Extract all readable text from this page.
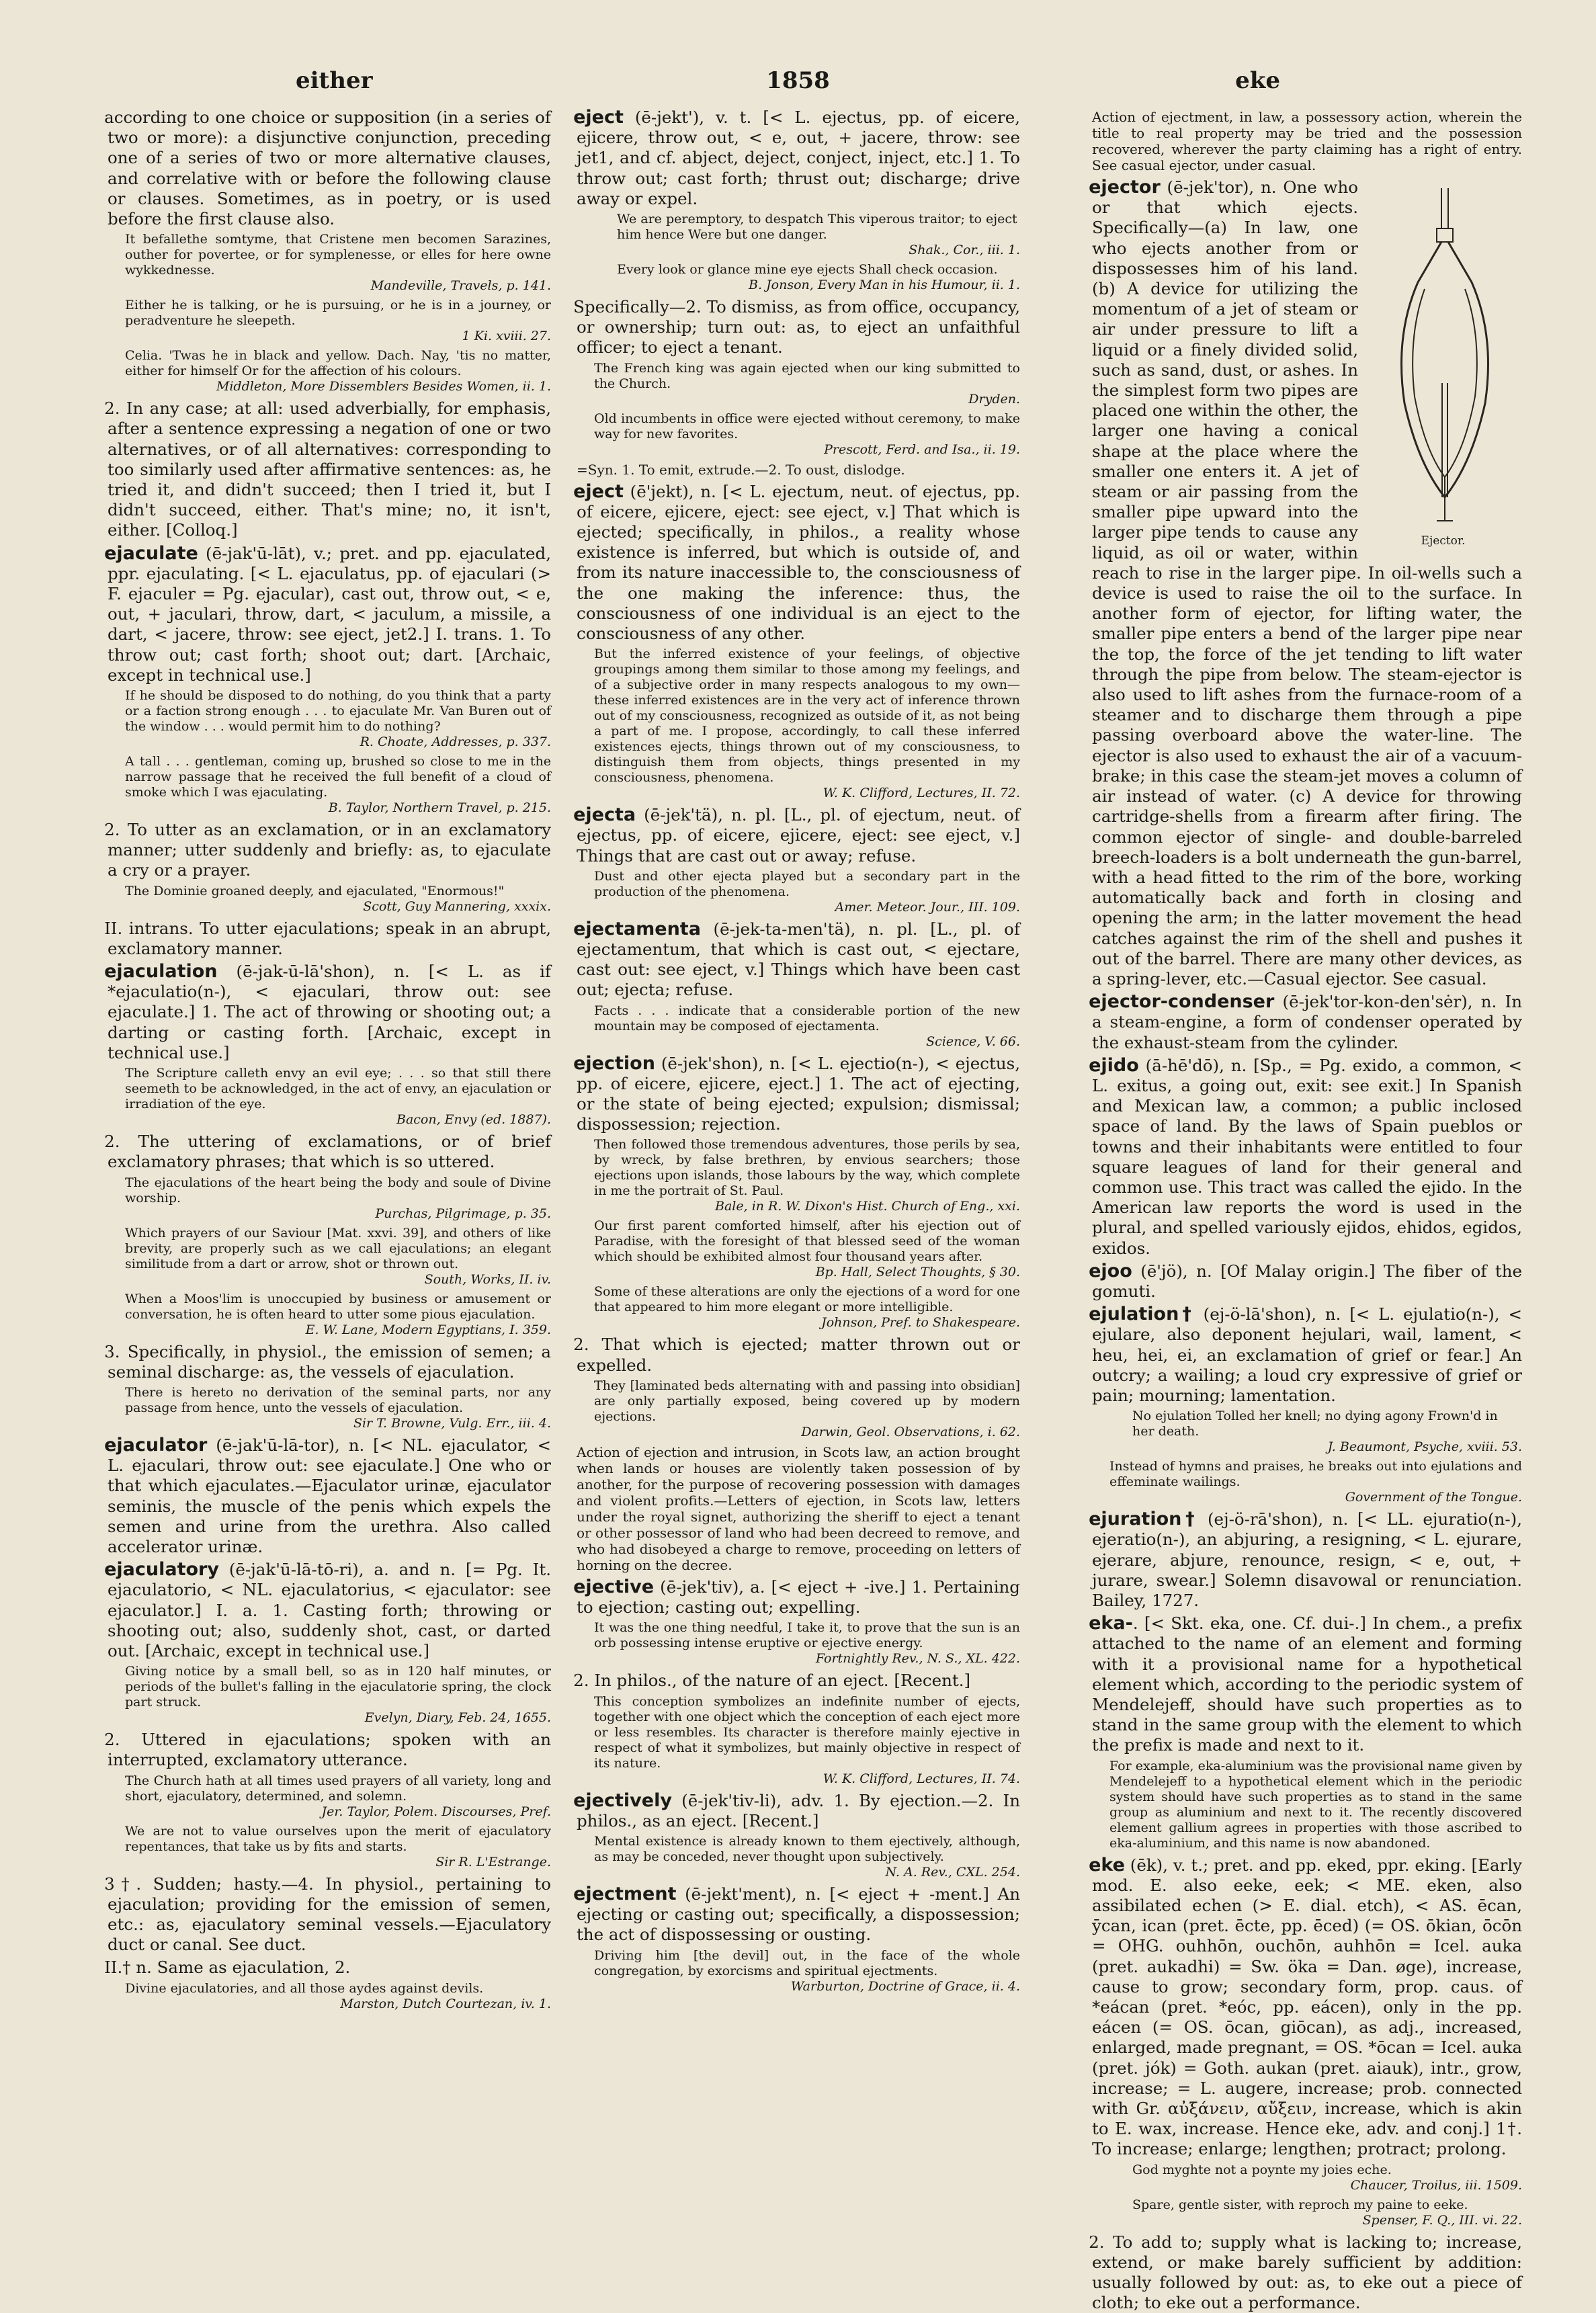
either	1858	eke
according to one choice or supposition (in a series of two or more): a disjunctive conjunction, preceding one of a series of two or more alternative clauses, and correlative with or before the following clause or clauses. Sometimes, as in poetry, or is used before the first clause also.
It befallethe somtyme, that Cristene men becomen Sarazines, outher for povertee, or for symplenesse, or elles for here owne wykkednesse.
Mandeville, Travels, p. 141.
Either he is talking, or he is pursuing, or he is in a journey, or peradventure he sleepeth.
1 Ki. xviii. 27.
Celia. 'Twas he in black and yellow. Dach. Nay, 'tis no matter, either for himself Or for the affection of his colours.
Middleton, More Dissemblers Besides Women, ii. 1.
2. In any case; at all: used adverbially, for emphasis, after a sentence expressing a negation of one or two alternatives, or of all alternatives: corresponding to too similarly used after affirmative sentences: as, he tried it, and didn't succeed; then I tried it, but I didn't succeed, either. That's mine; no, it isn't, either. [Colloq.]
ejaculate (ē-jak'ū-lāt), v.; pret. and pp. ejaculated, ppr. ejaculating. [< L. ejaculatus, pp. of ejaculari (> F. ejaculer = Pg. ejacular), cast out, throw out, < e, out, + jaculari, throw, dart, < jaculum, a missile, a dart, < jacere, throw: see eject, jet2.] I. trans. 1. To throw out; cast forth; shoot out; dart. [Archaic, except in technical use.]
If he should be disposed to do nothing, do you think that a party or a faction strong enough . . . to ejaculate Mr. Van Buren out of the window . . . would permit him to do nothing?
R. Choate, Addresses, p. 337.
A tall . . . gentleman, coming up, brushed so close to me in the narrow passage that he received the full benefit of a cloud of smoke which I was ejaculating.
B. Taylor, Northern Travel, p. 215.
2. To utter as an exclamation, or in an exclamatory manner; utter suddenly and briefly: as, to ejaculate a cry or a prayer.
The Dominie groaned deeply, and ejaculated, "Enormous!"
Scott, Guy Mannering, xxxix.
II. intrans. To utter ejaculations; speak in an abrupt, exclamatory manner.
ejaculation (ē-jak-ū-lā'shon), n. [< L. as if *ejaculatio(n-), < ejaculari, throw out: see ejaculate.] 1. The act of throwing or shooting out; a darting or casting forth. [Archaic, except in technical use.]
The Scripture calleth envy an evil eye; . . . so that still there seemeth to be acknowledged, in the act of envy, an ejaculation or irradiation of the eye.
Bacon, Envy (ed. 1887).
2. The uttering of exclamations, or of brief exclamatory phrases; that which is so uttered.
The ejaculations of the heart being the body and soule of Divine worship.
Purchas, Pilgrimage, p. 35.
Which prayers of our Saviour [Mat. xxvi. 39], and others of like brevity, are properly such as we call ejaculations; an elegant similitude from a dart or arrow, shot or thrown out.
South, Works, II. iv.
When a Moos'lim is unoccupied by business or amusement or conversation, he is often heard to utter some pious ejaculation.
E. W. Lane, Modern Egyptians, I. 359.
3. Specifically, in physiol., the emission of semen; a seminal discharge: as, the vessels of ejaculation.
There is hereto no derivation of the seminal parts, nor any passage from hence, unto the vessels of ejaculation.
Sir T. Browne, Vulg. Err., iii. 4.
ejaculator (ē-jak'ū-lā-tor), n. [< NL. ejaculator, < L. ejaculari, throw out: see ejaculate.] One who or that which ejaculates.—Ejaculator urinæ, ejaculator seminis, the muscle of the penis which expels the semen and urine from the urethra. Also called accelerator urinæ.
ejaculatory (ē-jak'ū-lā-tō-ri), a. and n. [= Pg. It. ejaculatorio, < NL. ejaculatorius, < ejaculator: see ejaculator.] I. a. 1. Casting forth; throwing or shooting out; also, suddenly shot, cast, or darted out. [Archaic, except in technical use.]
Giving notice by a small bell, so as in 120 half minutes, or periods of the bullet's falling in the ejaculatorie spring, the clock part struck.
Evelyn, Diary, Feb. 24, 1655.
2. Uttered in ejaculations; spoken with an interrupted, exclamatory utterance.
The Church hath at all times used prayers of all variety, long and short, ejaculatory, determined, and solemn.
Jer. Taylor, Polem. Discourses, Pref.
We are not to value ourselves upon the merit of ejaculatory repentances, that take us by fits and starts.
Sir R. L'Estrange.
3†. Sudden; hasty.—4. In physiol., pertaining to ejaculation; providing for the emission of semen, etc.: as, ejaculatory seminal vessels.—Ejaculatory duct or canal. See duct.
II.† n. Same as ejaculation, 2.
Divine ejaculatories, and all those aydes against devils.
Marston, Dutch Courtezan, iv. 1.
eject (ē-jekt'), v. t. [< L. ejectus, pp. of eicere, ejicere, throw out, < e, out, + jacere, throw: see jet1, and cf. abject, deject, conject, inject, etc.] 1. To throw out; cast forth; thrust out; discharge; drive away or expel.
We are peremptory, to despatch This viperous traitor; to eject him hence Were but one danger.
Shak., Cor., iii. 1.
Every look or glance mine eye ejects Shall check occasion.
B. Jonson, Every Man in his Humour, ii. 1.
Specifically—2. To dismiss, as from office, occupancy, or ownership; turn out: as, to eject an unfaithful officer; to eject a tenant.
The French king was again ejected when our king submitted to the Church.
Dryden.
Old incumbents in office were ejected without ceremony, to make way for new favorites.
Prescott, Ferd. and Isa., ii. 19.
=Syn. 1. To emit, extrude.—2. To oust, dislodge.
eject (ē'jekt), n. [< L. ejectum, neut. of ejectus, pp. of eicere, ejicere, eject: see eject, v.] That which is ejected; specifically, in philos., a reality whose existence is inferred, but which is outside of, and from its nature inaccessible to, the consciousness of the one making the inference: thus, the consciousness of one individual is an eject to the consciousness of any other.
But the inferred existence of your feelings, of objective groupings among them similar to those among my feelings, and of a subjective order in many respects analogous to my own—these inferred existences are in the very act of inference thrown out of my consciousness, recognized as outside of it, as not being a part of me. I propose, accordingly, to call these inferred existences ejects, things thrown out of my consciousness, to distinguish them from objects, things presented in my consciousness, phenomena.
W. K. Clifford, Lectures, II. 72.
ejecta (ē-jek'tä), n. pl. [L., pl. of ejectum, neut. of ejectus, pp. of eicere, ejicere, eject: see eject, v.] Things that are cast out or away; refuse.
Dust and other ejecta played but a secondary part in the production of the phenomena.
Amer. Meteor. Jour., III. 109.
ejectamenta (ē-jek-ta-men'tä), n. pl. [L., pl. of ejectamentum, that which is cast out, < ejectare, cast out: see eject, v.] Things which have been cast out; ejecta; refuse.
Facts . . . indicate that a considerable portion of the new mountain may be composed of ejectamenta.
Science, V. 66.
ejection (ē-jek'shon), n. [< L. ejectio(n-), < ejectus, pp. of eicere, ejicere, eject.] 1. The act of ejecting, or the state of being ejected; expulsion; dismissal; dispossession; rejection.
Then followed those tremendous adventures, those perils by sea, by wreck, by false brethren, by envious searchers; those ejections upon islands, those labours by the way, which complete in me the portrait of St. Paul.
Bale, in R. W. Dixon's Hist. Church of Eng., xxi.
Our first parent comforted himself, after his ejection out of Paradise, with the foresight of that blessed seed of the woman which should be exhibited almost four thousand years after.
Bp. Hall, Select Thoughts, § 30.
Some of these alterations are only the ejections of a word for one that appeared to him more elegant or more intelligible.
Johnson, Pref. to Shakespeare.
2. That which is ejected; matter thrown out or expelled.
They [laminated beds alternating with and passing into obsidian] are only partially exposed, being covered up by modern ejections.
Darwin, Geol. Observations, i. 62.
Action of ejection and intrusion, in Scots law, an action brought when lands or houses are violently taken possession of by another, for the purpose of recovering possession with damages and violent profits.—Letters of ejection, in Scots law, letters under the royal signet, authorizing the sheriff to eject a tenant or other possessor of land who had been decreed to remove, and who had disobeyed a charge to remove, proceeding on letters of horning on the decree.
ejective (ē-jek'tiv), a. [< eject + -ive.] 1. Pertaining to ejection; casting out; expelling.
It was the one thing needful, I take it, to prove that the sun is an orb possessing intense eruptive or ejective energy.
Fortnightly Rev., N. S., XL. 422.
2. In philos., of the nature of an eject. [Recent.]
This conception symbolizes an indefinite number of ejects, together with one object which the conception of each eject more or less resembles. Its character is therefore mainly ejective in respect of what it symbolizes, but mainly objective in respect of its nature.
W. K. Clifford, Lectures, II. 74.
ejectively (ē-jek'tiv-li), adv. 1. By ejection.—2. In philos., as an eject. [Recent.]
Mental existence is already known to them ejectively, although, as may be conceded, never thought upon subjectively.
N. A. Rev., CXL. 254.
ejectment (ē-jekt'ment), n. [< eject + -ment.] An ejecting or casting out; specifically, a dispossession; the act of dispossessing or ousting.
Driving him [the devil] out, in the face of the whole congregation, by exorcisms and spiritual ejectments.
Warburton, Doctrine of Grace, ii. 4.
Action of ejectment, in law, a possessory action, wherein the title to real property may be tried and the possession recovered, wherever the party claiming has a right of entry. See casual ejector, under casual.
Ejector.
ejector (ē-jek'tor), n. One who or that which ejects. Specifically—(a) In law, one who ejects another from or dispossesses him of his land. (b) A device for utilizing the momentum of a jet of steam or air under pressure to lift a liquid or a finely divided solid, such as sand, dust, or ashes. In the simplest form two pipes are placed one within the other, the larger one having a conical shape at the place where the smaller one enters it. A jet of steam or air passing from the smaller pipe upward into the larger pipe tends to cause any liquid, as oil or water, within reach to rise in the larger pipe. In oil-wells such a device is used to raise the oil to the surface. In another form of ejector, for lifting water, the smaller pipe enters a bend of the larger pipe near the top, the force of the jet tending to lift water through the pipe from below. The steam-ejector is also used to lift ashes from the furnace-room of a steamer and to discharge them through a pipe passing overboard above the water-line. The ejector is also used to exhaust the air of a vacuum-brake; in this case the steam-jet moves a column of air instead of water. (c) A device for throwing cartridge-shells from a firearm after firing. The common ejector of single- and double-barreled breech-loaders is a bolt underneath the gun-barrel, with a head fitted to the rim of the bore, working automatically back and forth in closing and opening the arm; in the latter movement the head catches against the rim of the shell and pushes it out of the barrel. There are many other devices, as a spring-lever, etc.—Casual ejector. See casual.
ejector-condenser (ē-jek'tor-kon-den'sėr), n. In a steam-engine, a form of condenser operated by the exhaust-steam from the cylinder.
ejido (ā-hē'dō), n. [Sp., = Pg. exido, a common, < L. exitus, a going out, exit: see exit.] In Spanish and Mexican law, a common; a public inclosed space of land. By the laws of Spain pueblos or towns and their inhabitants were entitled to four square leagues of land for their general and common use. This tract was called the ejido. In the American law reports the word is used in the plural, and spelled variously ejidos, ehidos, egidos, exidos.
ejoo (ē'jö), n. [Of Malay origin.] The fiber of the gomuti.
ejulation† (ej-ö-lā'shon), n. [< L. ejulatio(n-), < ejulare, also deponent hejulari, wail, lament, < heu, hei, ei, an exclamation of grief or fear.] An outcry; a wailing; a loud cry expressive of grief or pain; mourning; lamentation.
No ejulation Tolled her knell; no dying agony Frown'd in her death.
J. Beaumont, Psyche, xviii. 53.
Instead of hymns and praises, he breaks out into ejulations and effeminate wailings.
Government of the Tongue.
ejuration† (ej-ö-rā'shon), n. [< LL. ejuratio(n-), ejeratio(n-), an abjuring, a resigning, < L. ejurare, ejerare, abjure, renounce, resign, < e, out, + jurare, swear.] Solemn disavowal or renunciation. Bailey, 1727.
eka-. [< Skt. eka, one. Cf. dui-.] In chem., a prefix attached to the name of an element and forming with it a provisional name for a hypothetical element which, according to the periodic system of Mendelejeff, should have such properties as to stand in the same group with the element to which the prefix is made and next to it.
For example, eka-aluminium was the provisional name given by Mendelejeff to a hypothetical element which in the periodic system should have such properties as to stand in the same group as aluminium and next to it. The recently discovered element gallium agrees in properties with those ascribed to eka-aluminium, and this name is now abandoned.
eke (ēk), v. t.; pret. and pp. eked, ppr. eking. [Early mod. E. also eeke, eek; < ME. eken, also assibilated echen (> E. dial. etch), < AS. ēcan, ȳcan, ican (pret. ēcte, pp. ēced) (= OS. ōkian, ōcōn = OHG. ouhhōn, ouchōn, auhhōn = Icel. auka (pret. aukadhi) = Sw. öka = Dan. øge), increase, cause to grow; secondary form, prop. caus. of *eácan (pret. *eóc, pp. eácen), only in the pp. eácen (= OS. ōcan, giōcan), as adj., increased, enlarged, made pregnant, = OS. *ōcan = Icel. auka (pret. jók) = Goth. aukan (pret. aiauk), intr., grow, increase; = L. augere, increase; prob. connected with Gr. αὐξάνειν, αὔξειν, increase, which is akin to E. wax, increase. Hence eke, adv. and conj.] 1†. To increase; enlarge; lengthen; protract; prolong.
God myghte not a poynte my joies eche.
Chaucer, Troilus, iii. 1509.
Spare, gentle sister, with reproch my paine to eeke.
Spenser, F. Q., III. vi. 22.
2. To add to; supply what is lacking to; increase, extend, or make barely sufficient by addition: usually followed by out: as, to eke out a piece of cloth; to eke out a performance.
